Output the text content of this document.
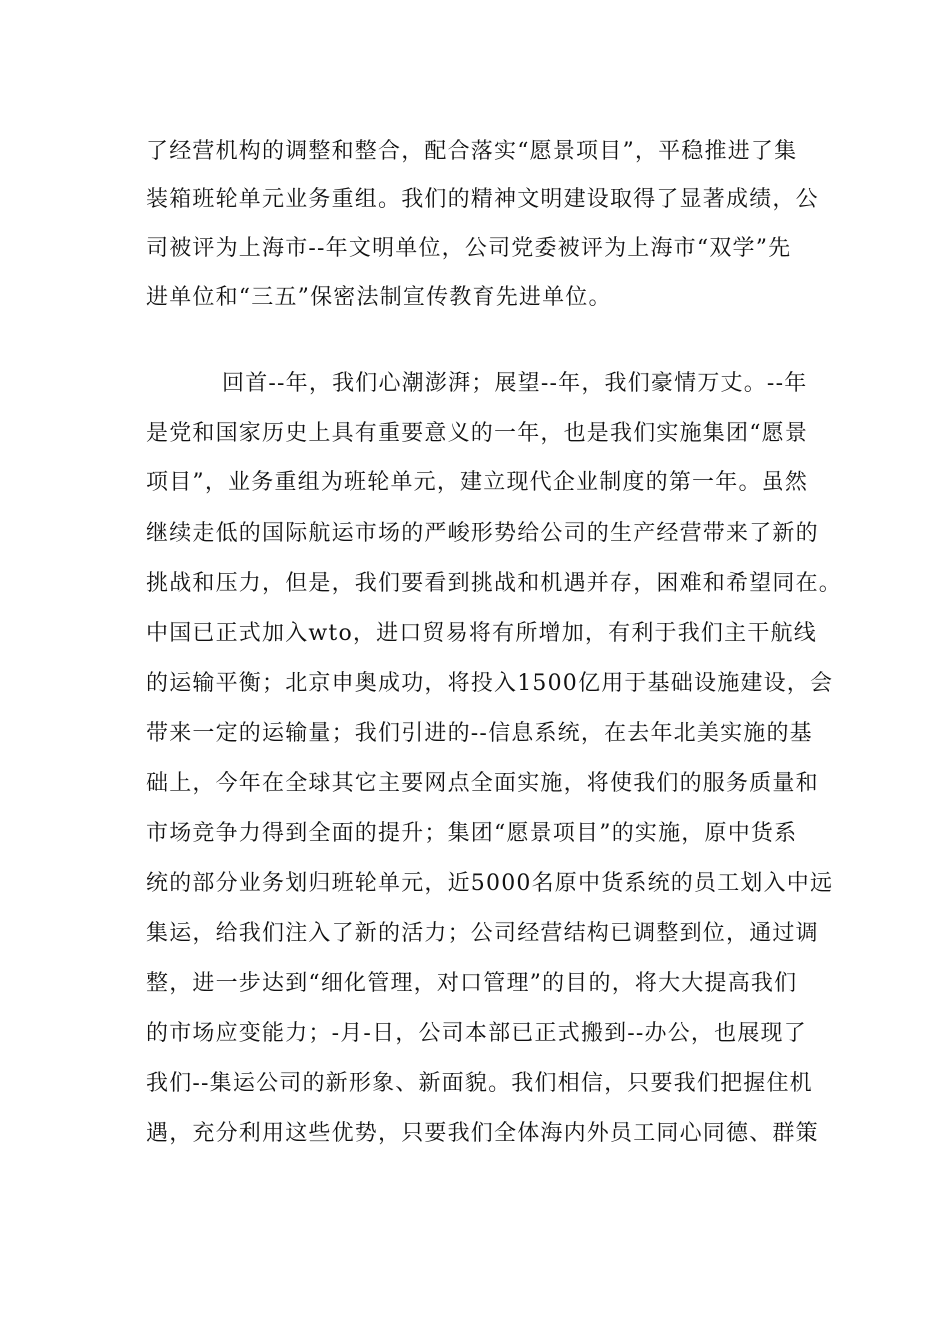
了经营机构的调整和整合，配合落实“愿景项目”，平稳推进了集
装箱班轮单元业务重组。我们的精神文明建设取得了显著成绩，公
司被评为上海市--年文明单位，公司党委被评为上海市“双学”先
进单位和“三五”保密法制宣传教育先进单位。
回首--年，我们心潮澎湃；展望--年，我们豪情万丈。--年
是党和国家历史上具有重要意义的一年，也是我们实施集团“愿景
项目”，业务重组为班轮单元，建立现代企业制度的第一年。虽然
继续走低的国际航运市场的严峻形势给公司的生产经营带来了新的
挑战和压力，但是，我们要看到挑战和机遇并存，困难和希望同在。
中国已正式加入wto，进口贸易将有所增加，有利于我们主干航线
的运输平衡；北京申奥成功，将投入1500亿用于基础设施建设，会
带来一定的运输量；我们引进的--信息系统，在去年北美实施的基
础上，今年在全球其它主要网点全面实施，将使我们的服务质量和
市场竞争力得到全面的提升；集团“愿景项目”的实施，原中货系
统的部分业务划归班轮单元，近5000名原中货系统的员工划入中远
集运，给我们注入了新的活力；公司经营结构已调整到位，通过调
整，进一步达到“细化管理，对口管理”的目的，将大大提高我们
的市场应变能力；-月-日，公司本部已正式搬到--办公，也展现了
我们--集运公司的新形象、新面貌。我们相信，只要我们把握住机
遇，充分利用这些优势，只要我们全体海内外员工同心同德、群策
